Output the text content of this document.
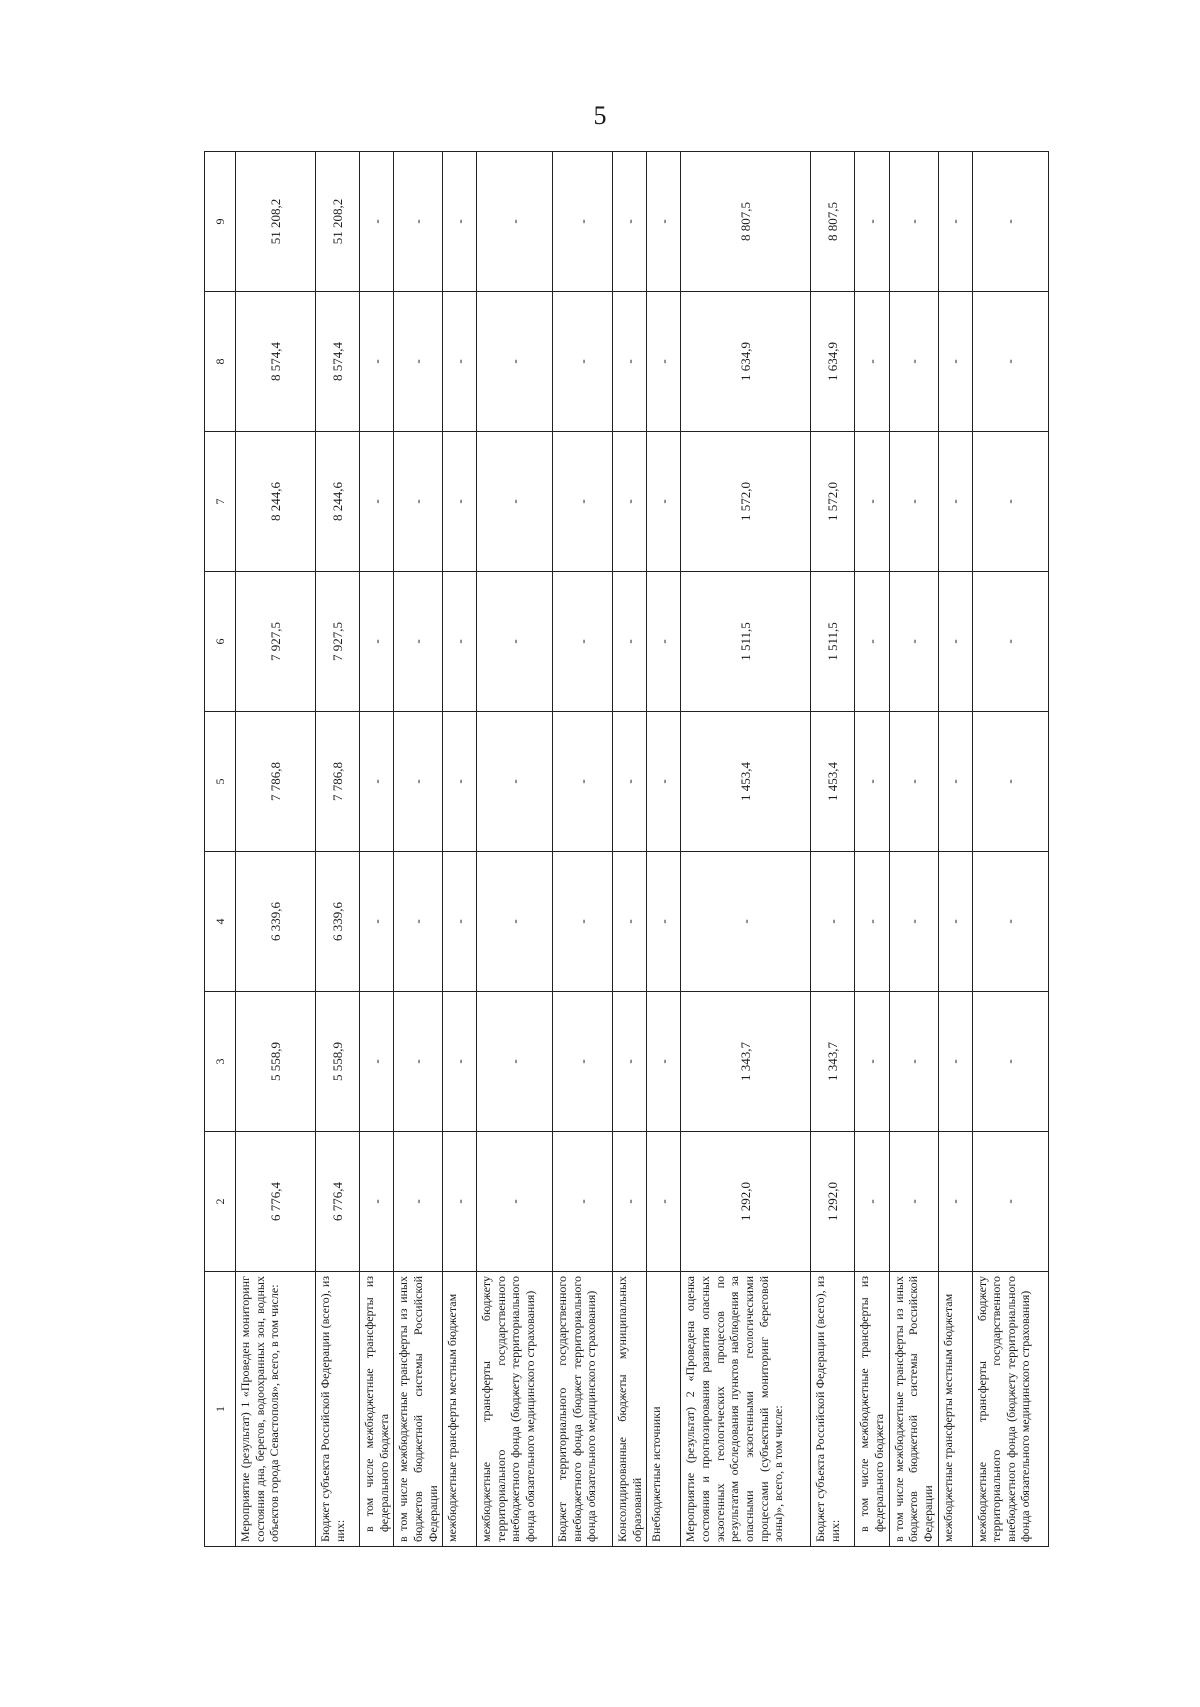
5
1	2	3	4	5	6	7	8	9
Мероприятие (результат) 1 «Проведен мониторинг состояния дна, берегов, водоохранных зон, водных объектов города Севастополя», всего, в том числе:	6 776,4	5 558,9	6 339,6	7 786,8	7 927,5	8 244,6	8 574,4	51 208,2
Бюджет субъекта Российской Федерации (всего), из них:	6 776,4	5 558,9	6 339,6	7 786,8	7 927,5	8 244,6	8 574,4	51 208,2
в том числе межбюджетные трансферты из федерального бюджета	-	-	-	-	-	-	-	-
в том числе межбюджетные трансферты из иных бюджетов бюджетной системы Российской Федерации	-	-	-	-	-	-	-	-
межбюджетные трансферты местным бюджетам	-	-	-	-	-	-	-	-
межбюджетные трансферты бюджету территориального государственного внебюджетного фонда (бюджету территориального фонда обязательного медицинского страхования)	-	-	-	-	-	-	-	-
Бюджет территориального государственного внебюджетного фонда (бюджет территориального фонда обязательного медицинского страхования)	-	-	-	-	-	-	-	-
Консолидированные бюджеты муниципальных образований	-	-	-	-	-	-	-	-
Внебюджетные источники	-	-	-	-	-	-	-	-
Мероприятие (результат) 2 «Проведена оценка состояния и прогнозирования развития опасных экзогенных геологических процессов по результатам обследования пунктов наблюдения за опасными экзогенными геологическими процессами (субъектный мониторинг береговой зоны)», всего, в том числе:	1 292,0	1 343,7	-	1 453,4	1 511,5	1 572,0	1 634,9	8 807,5
Бюджет субъекта Российской Федерации (всего), из них:	1 292,0	1 343,7	-	1 453,4	1 511,5	1 572,0	1 634,9	8 807,5
в том числе межбюджетные трансферты из федерального бюджета	-	-	-	-	-	-	-	-
в том числе межбюджетные трансферты из иных бюджетов бюджетной системы Российской Федерации	-	-	-	-	-	-	-	-
межбюджетные трансферты местным бюджетам	-	-	-	-	-	-	-	-
межбюджетные трансферты бюджету территориального государственного внебюджетного фонда (бюджету территориального фонда обязательного медицинского страхования)	-	-	-	-	-	-	-	-
